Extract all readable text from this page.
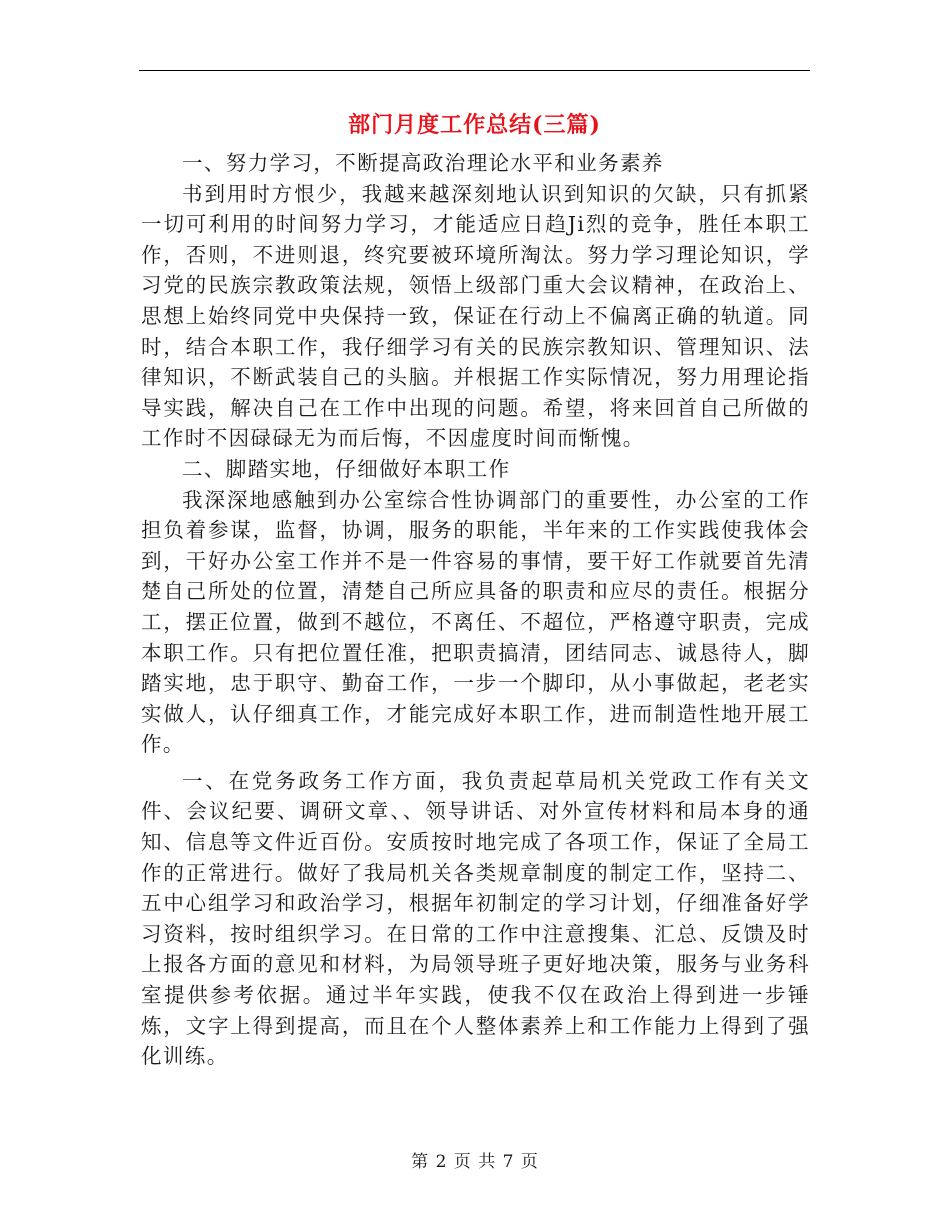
部门月度工作总结(三篇)

一、努力学习，不断提高政治理论水平和业务素养

书到用时方恨少，我越来越深刻地认识到知识的欠缺，只有抓紧一切可利用的时间努力学习，才能适应日趋Ji烈的竞争，胜任本职工作，否则，不进则退，终究要被环境所淘汰。努力学习理论知识，学习党的民族宗教政策法规，领悟上级部门重大会议精神，在政治上、思想上始终同党中央保持一致，保证在行动上不偏离正确的轨道。同时，结合本职工作，我仔细学习有关的民族宗教知识、管理知识、法律知识，不断武装自己的头脑。并根据工作实际情况，努力用理论指导实践，解决自己在工作中出现的问题。希望，将来回首自己所做的工作时不因碌碌无为而后悔，不因虚度时间而惭愧。

二、脚踏实地，仔细做好本职工作

我深深地感触到办公室综合性协调部门的重要性，办公室的工作担负着参谋，监督，协调，服务的职能，半年来的工作实践使我体会到，干好办公室工作并不是一件容易的事情，要干好工作就要首先清楚自己所处的位置，清楚自己所应具备的职责和应尽的责任。根据分工，摆正位置，做到不越位，不离任、不超位，严格遵守职责，完成本职工作。只有把位置任准，把职责搞清，团结同志、诚恳待人，脚踏实地，忠于职守、勤奋工作，一步一个脚印，从小事做起，老老实实做人，认仔细真工作，才能完成好本职工作，进而制造性地开展工作。

一、在党务政务工作方面，我负责起草局机关党政工作有关文件、会议纪要、调研文章、、领导讲话、对外宣传材料和局本身的通知、信息等文件近百份。安质按时地完成了各项工作，保证了全局工作的正常进行。做好了我局机关各类规章制度的制定工作，坚持二、五中心组学习和政治学习，根据年初制定的学习计划，仔细准备好学习资料，按时组织学习。在日常的工作中注意搜集、汇总、反馈及时上报各方面的意见和材料，为局领导班子更好地决策，服务与业务科室提供参考依据。通过半年实践，使我不仅在政治上得到进一步锤炼，文字上得到提高，而且在个人整体素养上和工作能力上得到了强化训练。

第 2 页 共 7 页
